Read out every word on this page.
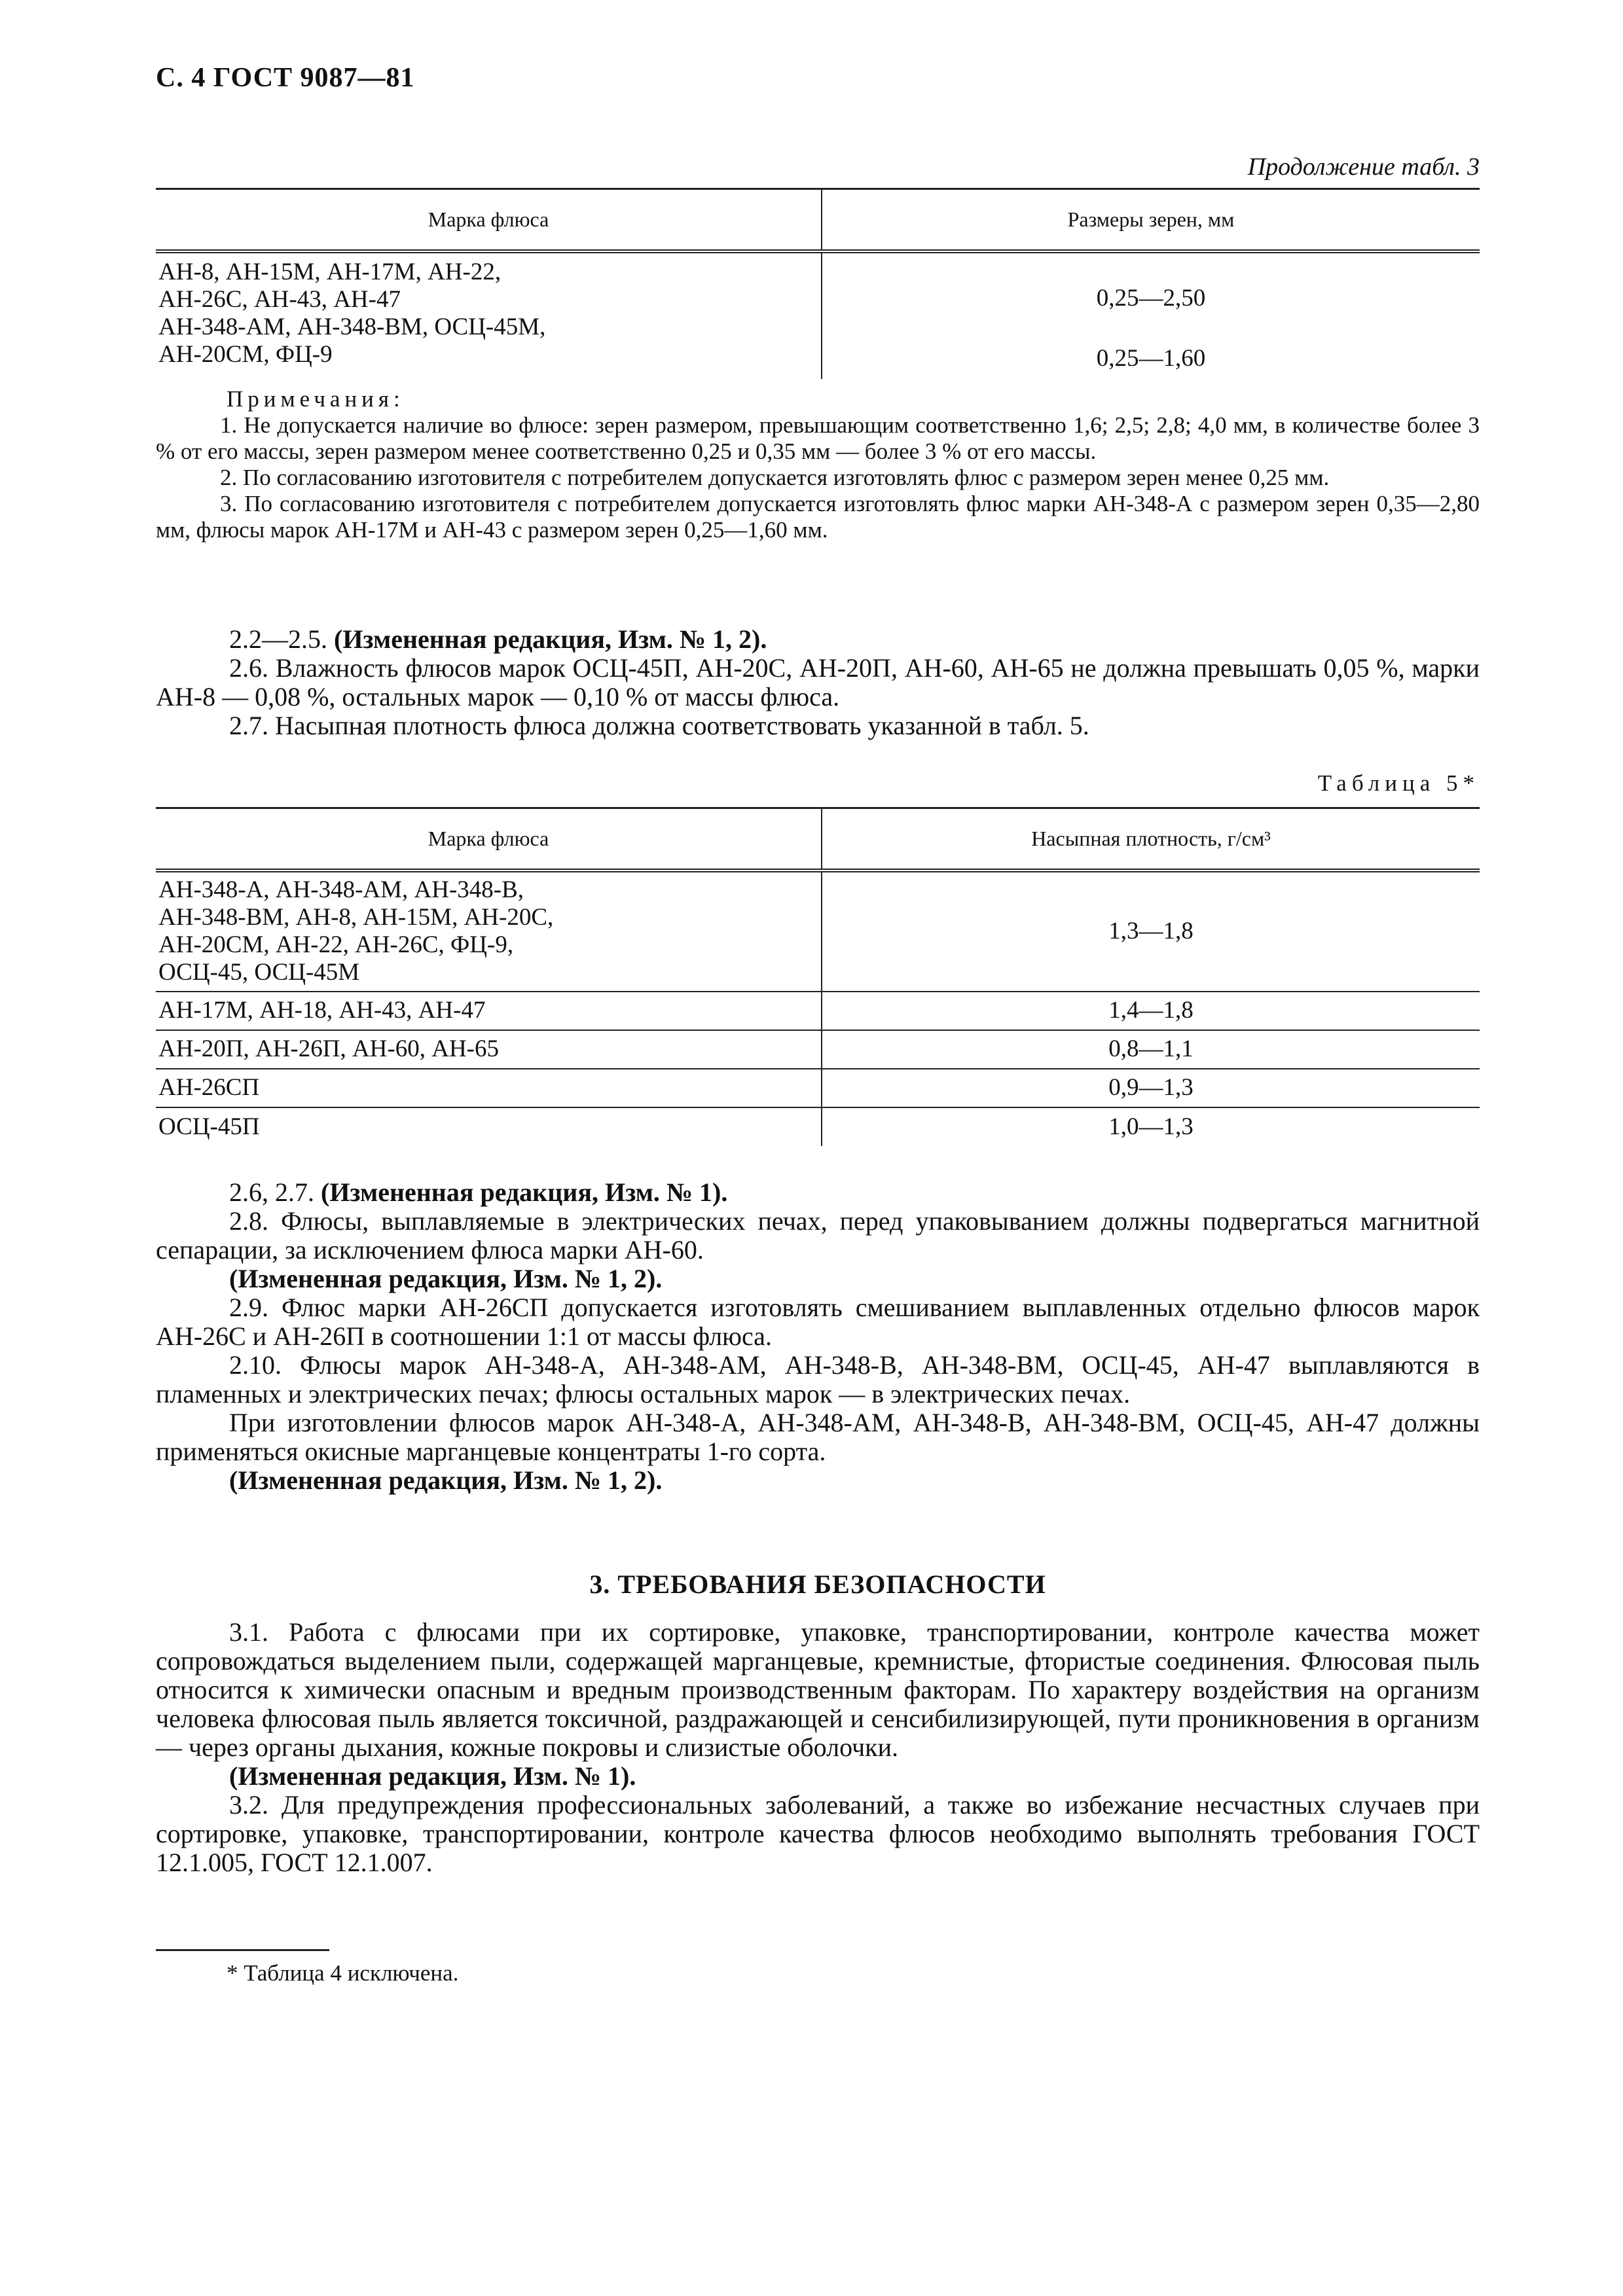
С. 4 ГОСТ 9087—81
Продолжение табл. 3
Марка флюса	Размеры зерен, мм

АН-8, АН-15М, АН-17М, АН-22,
АН-26С, АН-43, АН-47	0,25—2,50

АН-348-АМ, АН-348-ВМ, ОСЦ-45М,
АН-20СМ, ФЦ-9	0,25—1,60
Примечания:
1. Не допускается наличие во флюсе: зерен размером, превышающим соответственно 1,6; 2,5; 2,8; 4,0 мм, в количестве более 3 % от его массы, зерен размером менее соответственно 0,25 и 0,35 мм — более 3 % от его массы.
2. По согласованию изготовителя с потребителем допускается изготовлять флюс с размером зерен менее 0,25 мм.
3. По согласованию изготовителя с потребителем допускается изготовлять флюс марки АН-348-А с размером зерен 0,35—2,80 мм, флюсы марок АН-17М и АН-43 с размером зерен 0,25—1,60 мм.

2.2—2.5. (Измененная редакция, Изм. № 1, 2).

2.6. Влажность флюсов марок ОСЦ-45П, АН-20С, АН-20П, АН-60, АН-65 не должна превышать 0,05 %, марки АН-8 — 0,08 %, остальных марок — 0,10 % от массы флюса.

2.7. Насыпная плотность флюса должна соответствовать указанной в табл. 5.

Таблица 5*
Марка флюса	Насыпная плотность, г/см³

АН-348-А, АН-348-АМ, АН-348-В,
АН-348-ВМ, АН-8, АН-15М, АН-20С,
АН-20СМ, АН-22, АН-26С, ФЦ-9,
ОСЦ-45, ОСЦ-45М	1,3—1,8
АН-17М, АН-18, АН-43, АН-47	1,4—1,8
АН-20П, АН-26П, АН-60, АН-65	0,8—1,1
АН-26СП	0,9—1,3
ОСЦ-45П	1,0—1,3

2.6, 2.7. (Измененная редакция, Изм. № 1).

2.8. Флюсы, выплавляемые в электрических печах, перед упаковыванием должны подвергаться магнитной сепарации, за исключением флюса марки АН-60.

(Измененная редакция, Изм. № 1, 2).

2.9. Флюс марки АН-26СП допускается изготовлять смешиванием выплавленных отдельно флюсов марок АН-26С и АН-26П в соотношении 1:1 от массы флюса.

2.10. Флюсы марок АН-348-А, АН-348-АМ, АН-348-В, АН-348-ВМ, ОСЦ-45, АН-47 выплавляются в пламенных и электрических печах; флюсы остальных марок — в электрических печах.

При изготовлении флюсов марок АН-348-А, АН-348-АМ, АН-348-В, АН-348-ВМ, ОСЦ-45, АН-47 должны применяться окисные марганцевые концентраты 1-го сорта.

(Измененная редакция, Изм. № 1, 2).

3. ТРЕБОВАНИЯ БЕЗОПАСНОСТИ

3.1. Работа с флюсами при их сортировке, упаковке, транспортировании, контроле качества может сопровождаться выделением пыли, содержащей марганцевые, кремнистые, фтористые соединения. Флюсовая пыль относится к химически опасным и вредным производственным факторам. По характеру воздействия на организм человека флюсовая пыль является токсичной, раздражающей и сенсибилизирующей, пути проникновения в организм — через органы дыхания, кожные покровы и слизистые оболочки.

(Измененная редакция, Изм. № 1).

3.2. Для предупреждения профессиональных заболеваний, а также во избежание несчастных случаев при сортировке, упаковке, транспортировании, контроле качества флюсов необходимо выполнять требования ГОСТ 12.1.005, ГОСТ 12.1.007.

* Таблица 4 исключена.
